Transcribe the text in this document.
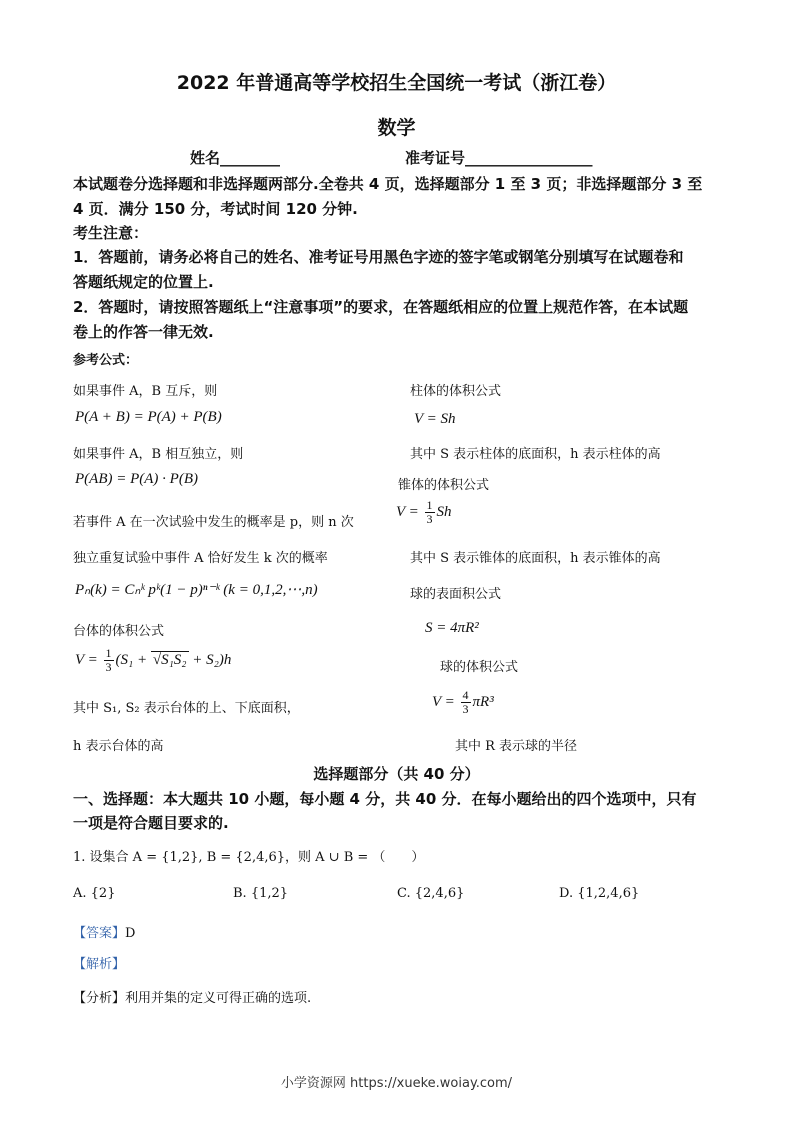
2022 年普通高等学校招生全国统一考试（浙江卷）
数学
姓名________	准考证号_________________
本试题卷分选择题和非选择题两部分.全卷共 4 页，选择题部分 1 至 3 页；非选择题部分 3 至
4 页．满分 150 分，考试时间 120 分钟.
考生注意：
1．答题前，请务必将自己的姓名、准考证号用黑色字迹的签字笔或钢笔分别填写在试题卷和
答题纸规定的位置上.
2．答题时，请按照答题纸上“注意事项”的要求，在答题纸相应的位置上规范作答，在本试题
卷上的作答一律无效.
参考公式：
如果事件 A，B 互斥，则
P(A + B) = P(A) + P(B)
如果事件 A，B 相互独立，则
P(AB) = P(A) · P(B)
若事件 A 在一次试验中发生的概率是 p，则 n 次
独立重复试验中事件 A 恰好发生 k 次的概率
Pₙ(k) = Cₙᵏ pᵏ(1 − p)ⁿ⁻ᵏ (k = 0,1,2,⋯,n)
台体的体积公式
$V = \frac{1}{3} (S_1 + √S_1S_2 + S_2)h$
其中 S₁, S₂ 表示台体的上、下底面积，
h 表示台体的高
柱体的体积公式
V = Sh
其中 S 表示柱体的底面积，h 表示柱体的高
锥体的体积公式
$V = \frac{1}{3}$ Sh
其中 S 表示锥体的底面积，h 表示锥体的高
球的表面积公式
S = 4πR²
球的体积公式
$V = \frac{4}{3} \pi R^3$
其中 R 表示球的半径
选择题部分（共 40 分）
一、选择题：本大题共 10 小题，每小题 4 分，共 40 分．在每小题给出的四个选项中，只有
一项是符合题目要求的.
1. 设集合 A = {1,2}, B = {2,4,6}，则 A ∪ B = （　　）
A. {2}	B. {1,2}	C. {2,4,6}	D. {1,2,4,6}
【答案】D
【解析】
【分析】利用并集的定义可得正确的选项.
小学资源网 https://xueke.woiay.com/
